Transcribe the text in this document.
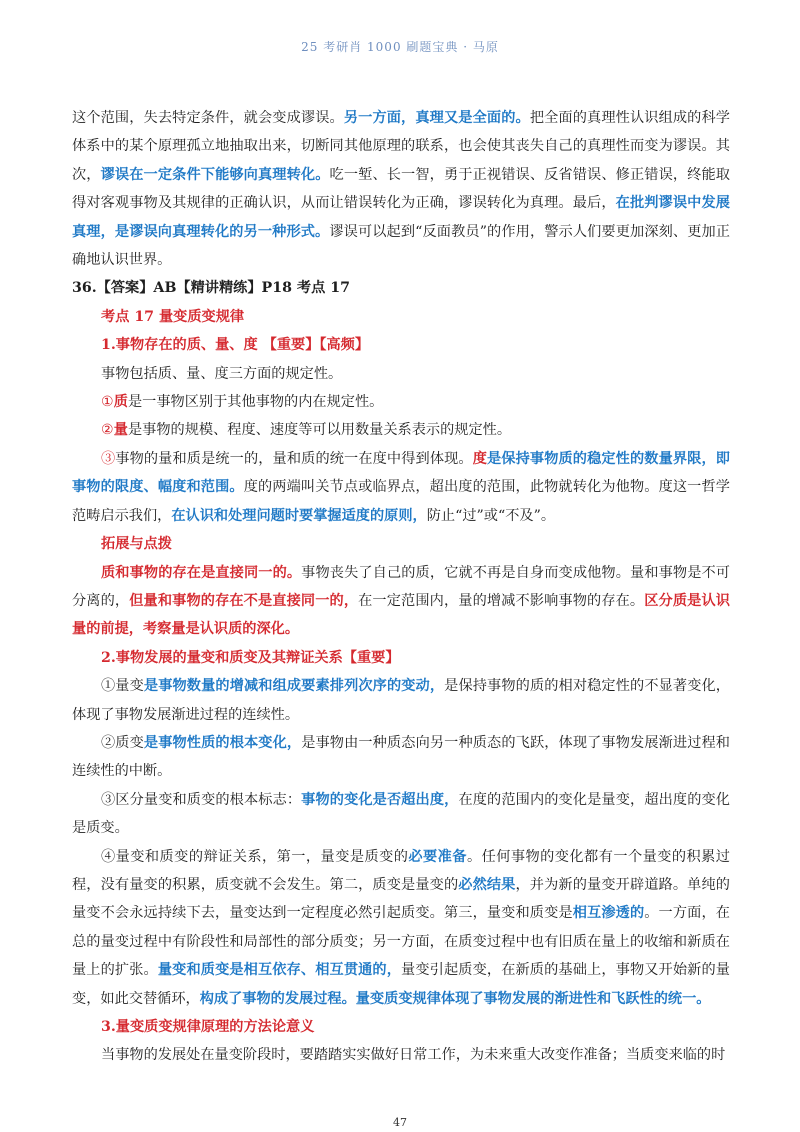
25 考研肖 1000 刷题宝典 · 马原

这个范围，失去特定条件，就会变成谬误。另一方面，真理又是全面的。把全面的真理性认识组成的科学体系中的某个原理孤立地抽取出来，切断同其他原理的联系，也会使其丧失自己的真理性而变为谬误。其次，谬误在一定条件下能够向真理转化。吃一堑、长一智，勇于正视错误、反省错误、修正错误，终能取得对客观事物及其规律的正确认识，从而让错误转化为正确，谬误转化为真理。最后，在批判谬误中发展真理，是谬误向真理转化的另一种形式。谬误可以起到“反面教员”的作用，警示人们要更加深刻、更加正确地认识世界。

36.【答案】AB【精讲精练】P18 考点 17

考点 17 量变质变规律

1.事物存在的质、量、度 【重要】【高频】

事物包括质、量、度三方面的规定性。

①质是一事物区别于其他事物的内在规定性。

②量是事物的规模、程度、速度等可以用数量关系表示的规定性。

③事物的量和质是统一的，量和质的统一在度中得到体现。度是保持事物质的稳定性的数量界限，即事物的限度、幅度和范围。度的两端叫关节点或临界点，超出度的范围，此物就转化为他物。度这一哲学范畴启示我们，在认识和处理问题时要掌握适度的原则，防止“过”或“不及”。

拓展与点拨

质和事物的存在是直接同一的。事物丧失了自己的质，它就不再是自身而变成他物。量和事物是不可分离的，但量和事物的存在不是直接同一的，在一定范围内，量的增减不影响事物的存在。区分质是认识量的前提，考察量是认识质的深化。

2.事物发展的量变和质变及其辩证关系【重要】

①量变是事物数量的增减和组成要素排列次序的变动，是保持事物的质的相对稳定性的不显著变化，体现了事物发展渐进过程的连续性。

②质变是事物性质的根本变化，是事物由一种质态向另一种质态的飞跃，体现了事物发展渐进过程和连续性的中断。

③区分量变和质变的根本标志：事物的变化是否超出度，在度的范围内的变化是量变，超出度的变化是质变。

④量变和质变的辩证关系，第一，量变是质变的必要准备。任何事物的变化都有一个量变的积累过程，没有量变的积累，质变就不会发生。第二，质变是量变的必然结果，并为新的量变开辟道路。单纯的量变不会永远持续下去，量变达到一定程度必然引起质变。第三，量变和质变是相互渗透的。一方面，在总的量变过程中有阶段性和局部性的部分质变；另一方面，在质变过程中也有旧质在量上的收缩和新质在量上的扩张。量变和质变是相互依存、相互贯通的，量变引起质变，在新质的基础上，事物又开始新的量变，如此交替循环，构成了事物的发展过程。量变质变规律体现了事物发展的渐进性和飞跃性的统一。

3.量变质变规律原理的方法论意义

当事物的发展处在量变阶段时，要踏踏实实做好日常工作，为未来重大改变作准备；当质变来临的时

47
